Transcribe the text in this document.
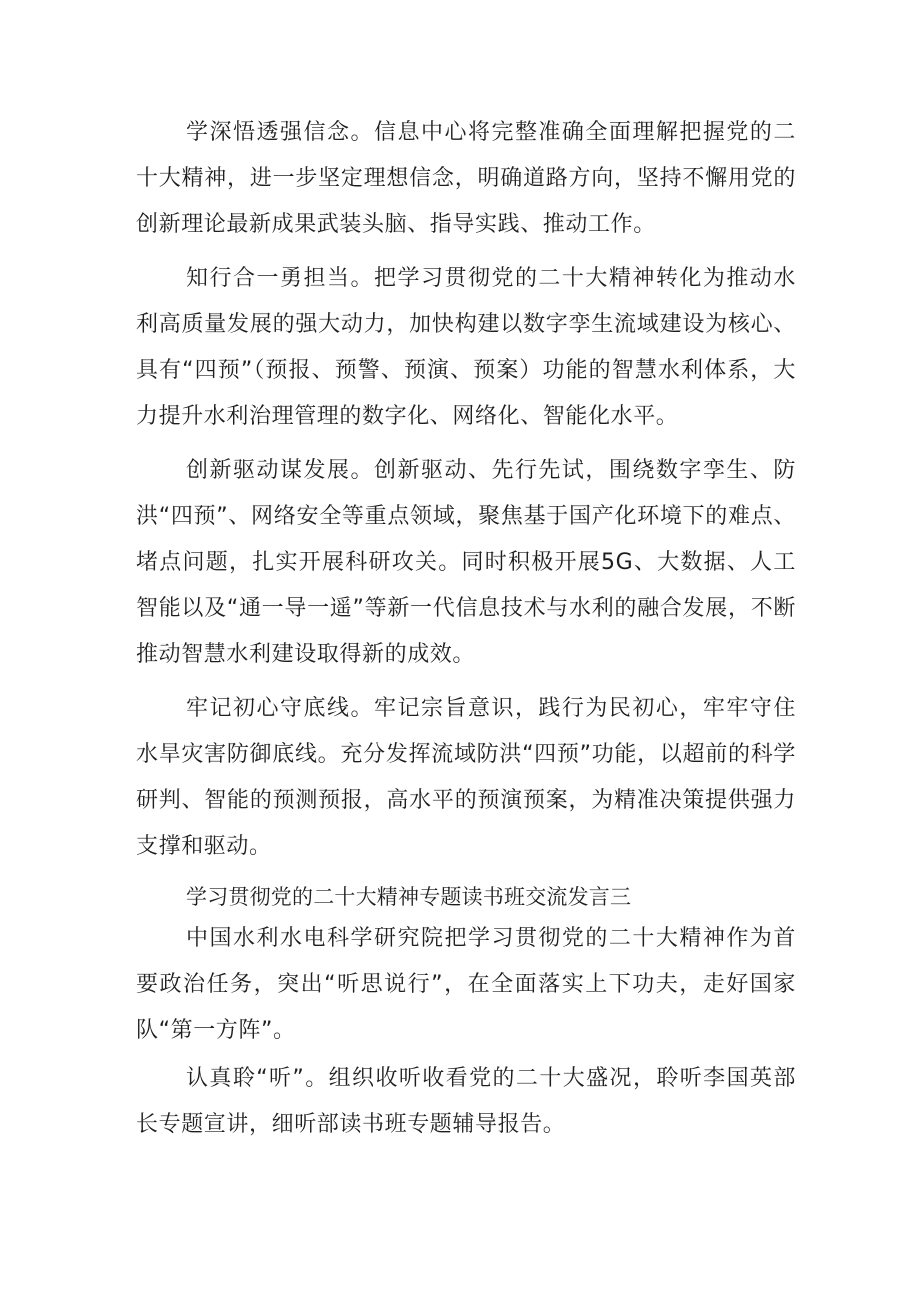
学深悟透强信念。信息中心将完整准确全面理解把握党的二十大精神，进一步坚定理想信念，明确道路方向，坚持不懈用党的创新理论最新成果武装头脑、指导实践、推动工作。

知行合一勇担当。把学习贯彻党的二十大精神转化为推动水利高质量发展的强大动力，加快构建以数字孪生流域建设为核心、具有“四预”（预报、预警、预演、预案）功能的智慧水利体系，大力提升水利治理管理的数字化、网络化、智能化水平。

创新驱动谋发展。创新驱动、先行先试，围绕数字孪生、防洪“四预”、网络安全等重点领域，聚焦基于国产化环境下的难点、堵点问题，扎实开展科研攻关。同时积极开展5G、大数据、人工智能以及“通一导一遥”等新一代信息技术与水利的融合发展，不断推动智慧水利建设取得新的成效。

牢记初心守底线。牢记宗旨意识，践行为民初心，牢牢守住水旱灾害防御底线。充分发挥流域防洪“四预”功能，以超前的科学研判、智能的预测预报，高水平的预演预案，为精准决策提供强力支撑和驱动。

学习贯彻党的二十大精神专题读书班交流发言三

中国水利水电科学研究院把学习贯彻党的二十大精神作为首要政治任务，突出“听思说行”，在全面落实上下功夫，走好国家队“第一方阵”。

认真聆“听”。组织收听收看党的二十大盛况，聆听李国英部长专题宣讲，细听部读书班专题辅导报告。
